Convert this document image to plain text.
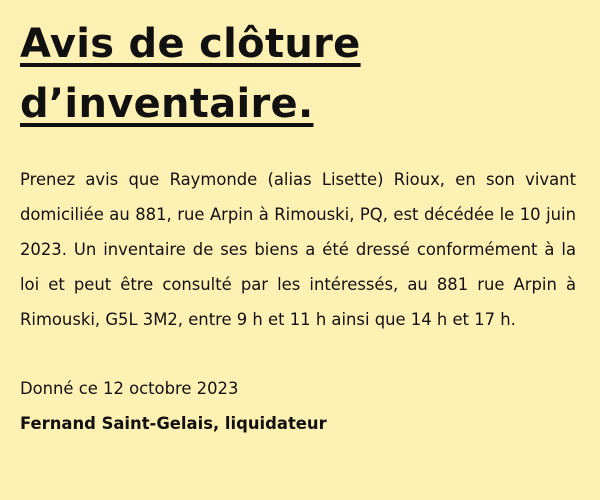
Avis de clôture
d’inventaire.

Prenez avis que Raymonde (alias Lisette) Rioux, en son vivant domiciliée au 881, rue Arpin à Rimouski, PQ, est décédée le 10 juin 2023. Un inventaire de ses biens a été dressé conformément à la loi et peut être consulté par les intéressés, au 881 rue Arpin à Rimouski, G5L 3M2, entre 9 h et 11 h ainsi que 14 h et 17 h.

Donné ce 12 octobre 2023

Fernand Saint-Gelais, liquidateur
